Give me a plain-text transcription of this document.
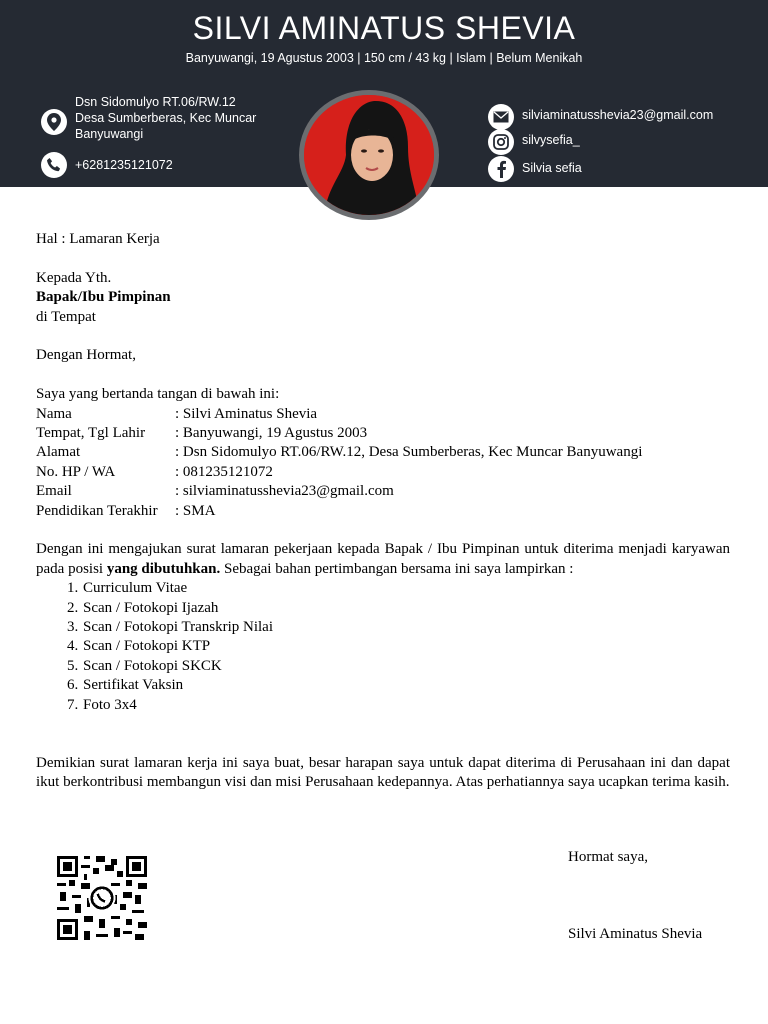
SILVI AMINATUS SHEVIA
Banyuwangi, 19 Agustus 2003 | 150 cm / 43 kg | Islam | Belum Menikah
Dsn Sidomulyo RT.06/RW.12
Desa Sumberberas, Kec Muncar
Banyuwangi
+6281235121072
silviaminatusshevia23@gmail.com
silvysefia_
Silvia sefia

Hal : Lamaran Kerja

Kepada Yth.

Bapak/Ibu Pimpinan

di Tempat

Dengan Hormat,

Saya yang bertanda tangan di bawah ini:

Nama	: Silvi Aminatus Shevia
Tempat, Tgl Lahir	: Banyuwangi, 19 Agustus 2003
Alamat	: Dsn Sidomulyo RT.06/RW.12, Desa Sumberberas, Kec Muncar Banyuwangi
No. HP / WA	: 081235121072
Email	: silviaminatusshevia23@gmail.com
Pendidikan Terakhir	: SMA

Dengan ini mengajukan surat lamaran pekerjaan kepada Bapak / Ibu Pimpinan untuk diterima menjadi karyawan pada posisi yang dibutuhkan. Sebagai bahan pertimbangan bersama ini saya lampirkan :

1. Curriculum Vitae
2. Scan / Fotokopi Ijazah
3. Scan / Fotokopi Transkrip Nilai
4. Scan / Fotokopi KTP
5. Scan / Fotokopi SKCK
6. Sertifikat Vaksin
7. Foto 3x4

Demikian surat lamaran kerja ini saya buat, besar harapan saya untuk dapat diterima di Perusahaan ini dan dapat ikut berkontribusi membangun visi dan misi Perusahaan kedepannya. Atas perhatiannya saya ucapkan terima kasih.

Hormat saya,
Silvi Aminatus Shevia
